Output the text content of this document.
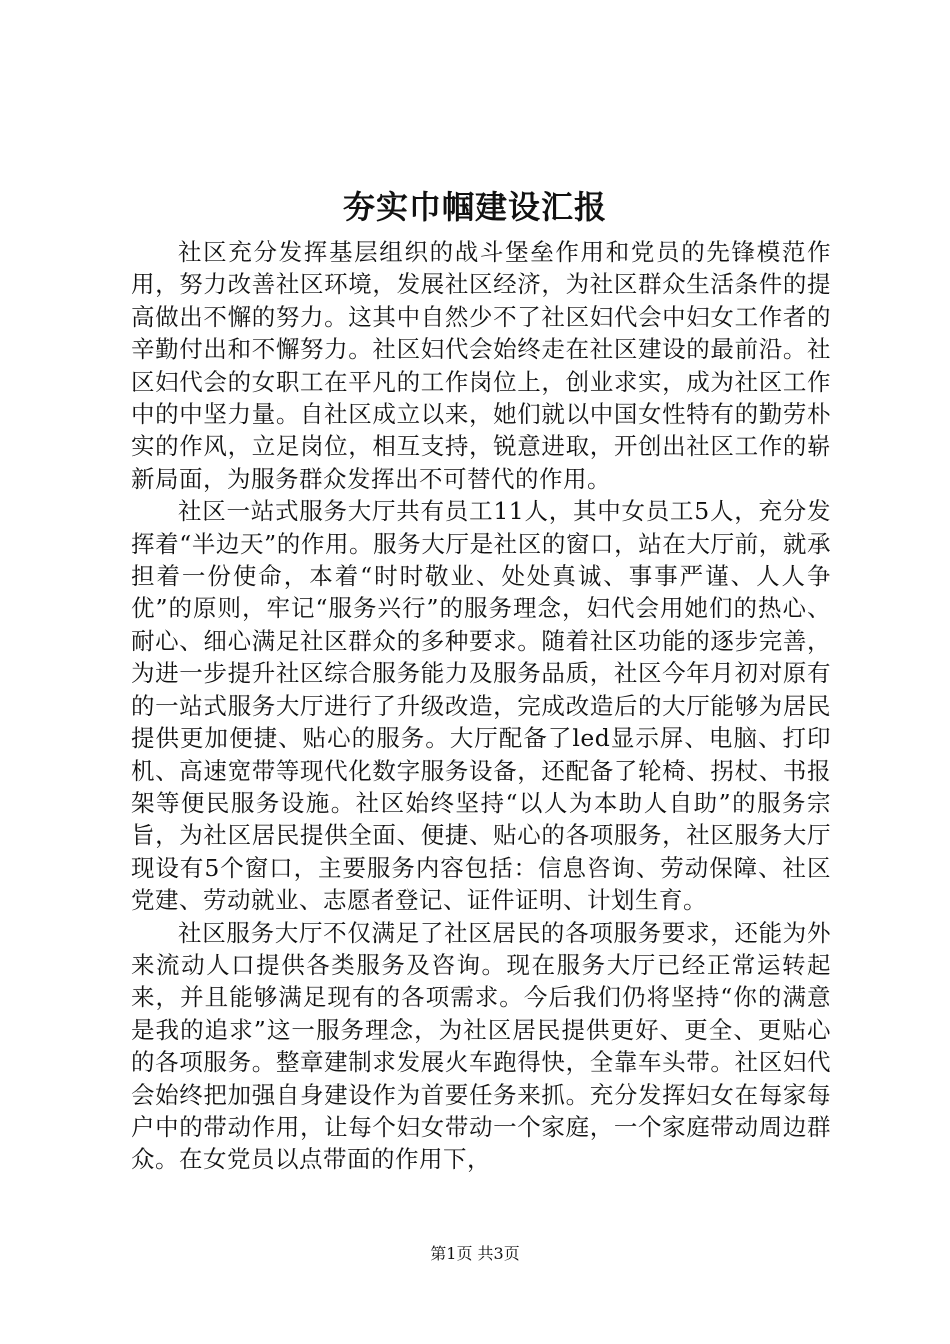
夯实巾帼建设汇报

社区充分发挥基层组织的战斗堡垒作用和党员的先锋模范作用，努力改善社区环境，发展社区经济，为社区群众生活条件的提高做出不懈的努力。这其中自然少不了社区妇代会中妇女工作者的辛勤付出和不懈努力。社区妇代会始终走在社区建设的最前沿。社区妇代会的女职工在平凡的工作岗位上，创业求实，成为社区工作中的中坚力量。自社区成立以来，她们就以中国女性特有的勤劳朴实的作风，立足岗位，相互支持，锐意进取，开创出社区工作的崭新局面，为服务群众发挥出不可替代的作用。

社区一站式服务大厅共有员工11人，其中女员工5人，充分发挥着“半边天”的作用。服务大厅是社区的窗口，站在大厅前，就承担着一份使命，本着“时时敬业、处处真诚、事事严谨、人人争优”的原则，牢记“服务兴行”的服务理念，妇代会用她们的热心、耐心、细心满足社区群众的多种要求。随着社区功能的逐步完善，为进一步提升社区综合服务能力及服务品质，社区今年月初对原有的一站式服务大厅进行了升级改造，完成改造后的大厅能够为居民提供更加便捷、贴心的服务。大厅配备了led显示屏、电脑、打印机、高速宽带等现代化数字服务设备，还配备了轮椅、拐杖、书报架等便民服务设施。社区始终坚持“以人为本助人自助”的服务宗旨，为社区居民提供全面、便捷、贴心的各项服务，社区服务大厅现设有5个窗口，主要服务内容包括：信息咨询、劳动保障、社区党建、劳动就业、志愿者登记、证件证明、计划生育。

社区服务大厅不仅满足了社区居民的各项服务要求，还能为外来流动人口提供各类服务及咨询。现在服务大厅已经正常运转起来，并且能够满足现有的各项需求。今后我们仍将坚持“你的满意是我的追求”这一服务理念，为社区居民提供更好、更全、更贴心的各项服务。整章建制求发展火车跑得快，全靠车头带。社区妇代会始终把加强自身建设作为首要任务来抓。充分发挥妇女在每家每户中的带动作用，让每个妇女带动一个家庭，一个家庭带动周边群众。在女党员以点带面的作用下，

第1页 共3页
